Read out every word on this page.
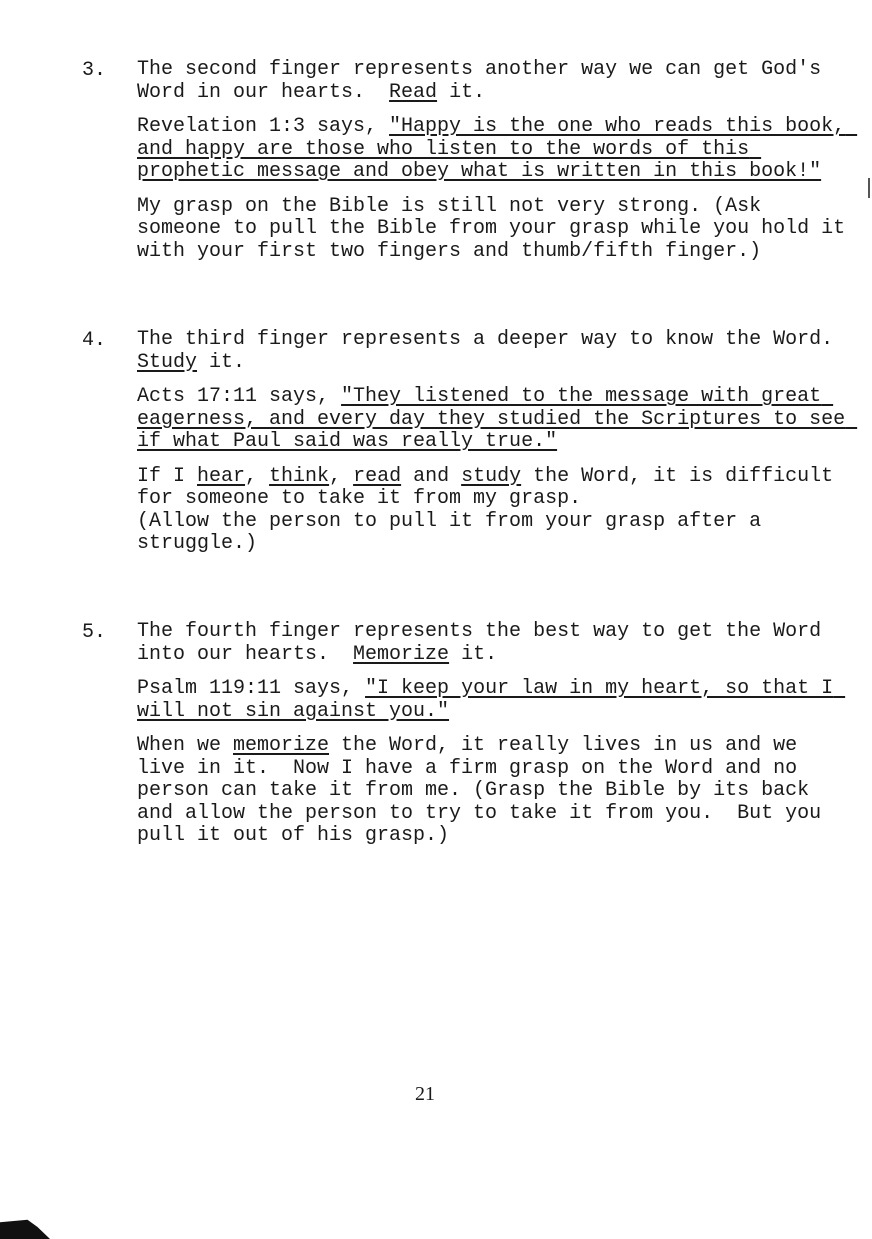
3. The second finger represents another way we can get God's Word in our hearts.  Read it.

Revelation 1:3 says, "Happy is the one who reads this book, and happy are those who listen to the words of this prophetic message and obey what is written in this book!"

My grasp on the Bible is still not very strong. (Ask someone to pull the Bible from your grasp while you hold it with your first two fingers and thumb/fifth finger.)

4. The third finger represents a deeper way to know the Word.  Study it.

Acts 17:11 says, "They listened to the message with great eagerness, and every day they studied the Scriptures to see if what Paul said was really true."

If I hear, think, read and study the Word, it is difficult for someone to take it from my grasp.

(Allow the person to pull it from your grasp after a struggle.)

5. The fourth finger represents the best way to get the Word into our hearts.  Memorize it.

Psalm 119:11 says, "I keep your law in my heart, so that I will not sin against you."

When we memorize the Word, it really lives in us and we live in it.  Now I have a firm grasp on the Word and no person can take it from me. (Grasp the Bible by its back and allow the person to try to take it from you.  But you pull it out of his grasp.)

21
